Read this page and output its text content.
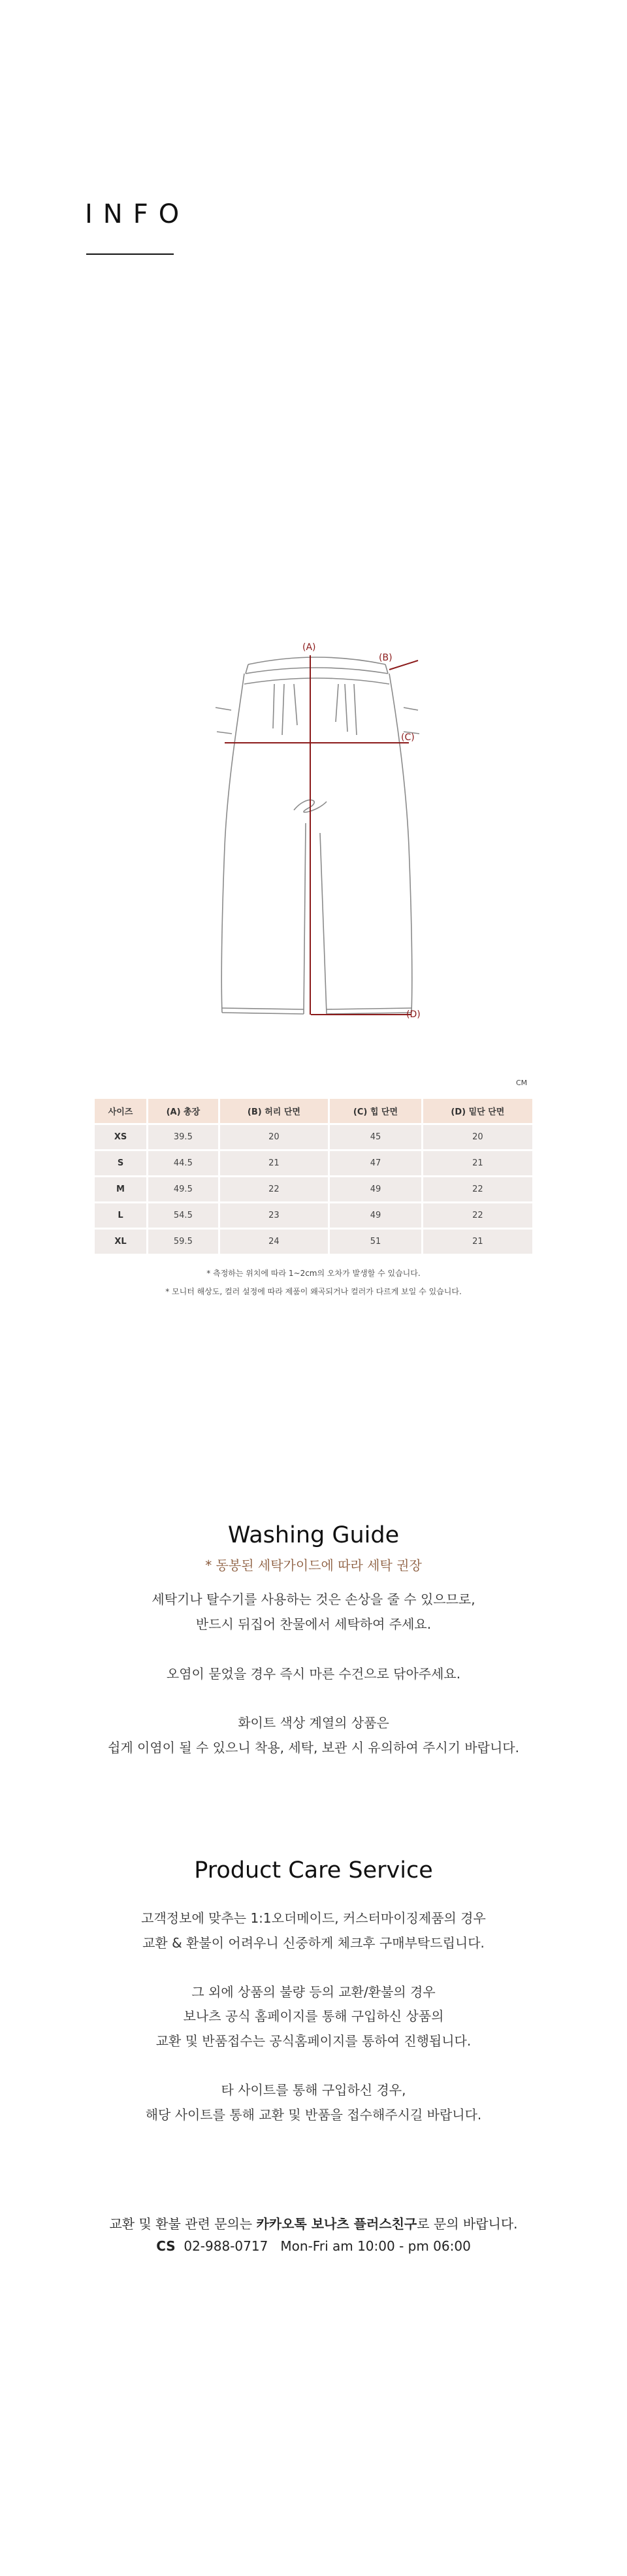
INFO
(A)
(B)
(C)
(D)
CM
사이즈	(A) 총장	(B) 허리 단면	(C) 힙 단면	(D) 밑단 단면
XS	39.5	20	45	20
S	44.5	21	47	21
M	49.5	22	49	22
L	54.5	23	49	22
XL	59.5	24	51	21
* 측정하는 위치에 따라 1~2cm의 오차가 발생할 수 있습니다.
* 모니터 해상도, 컬러 설정에 따라 제품이 왜곡되거나 컬러가 다르게 보일 수 있습니다.
Washing Guide
* 동봉된 세탁가이드에 따라 세탁 권장
세탁기나 탈수기를 사용하는 것은 손상을 줄 수 있으므로,
반드시 뒤집어 찬물에서 세탁하여 주세요.
오염이 묻었을 경우 즉시 마른 수건으로 닦아주세요.
화이트 색상 계열의 상품은
쉽게 이염이 될 수 있으니 착용, 세탁, 보관 시 유의하여 주시기 바랍니다.
Product Care Service
고객정보에 맞추는 1:1오더메이드, 커스터마이징제품의 경우
교환 & 환불이 어려우니 신중하게 체크후 구매부탁드립니다.
그 외에 상품의 불량 등의 교환/환불의 경우
보나츠 공식 홈페이지를 통해 구입하신 상품의
교환 및 반품접수는 공식홈페이지를 통하여 진행됩니다.
타 사이트를 통해 구입하신 경우,
해당 사이트를 통해 교환 및 반품을 접수해주시길 바랍니다.
교환 및 환불 관련 문의는 카카오톡 보나츠 플러스친구로 문의 바랍니다.
CS 02-988-0717 Mon-Fri am 10:00 - pm 06:00
